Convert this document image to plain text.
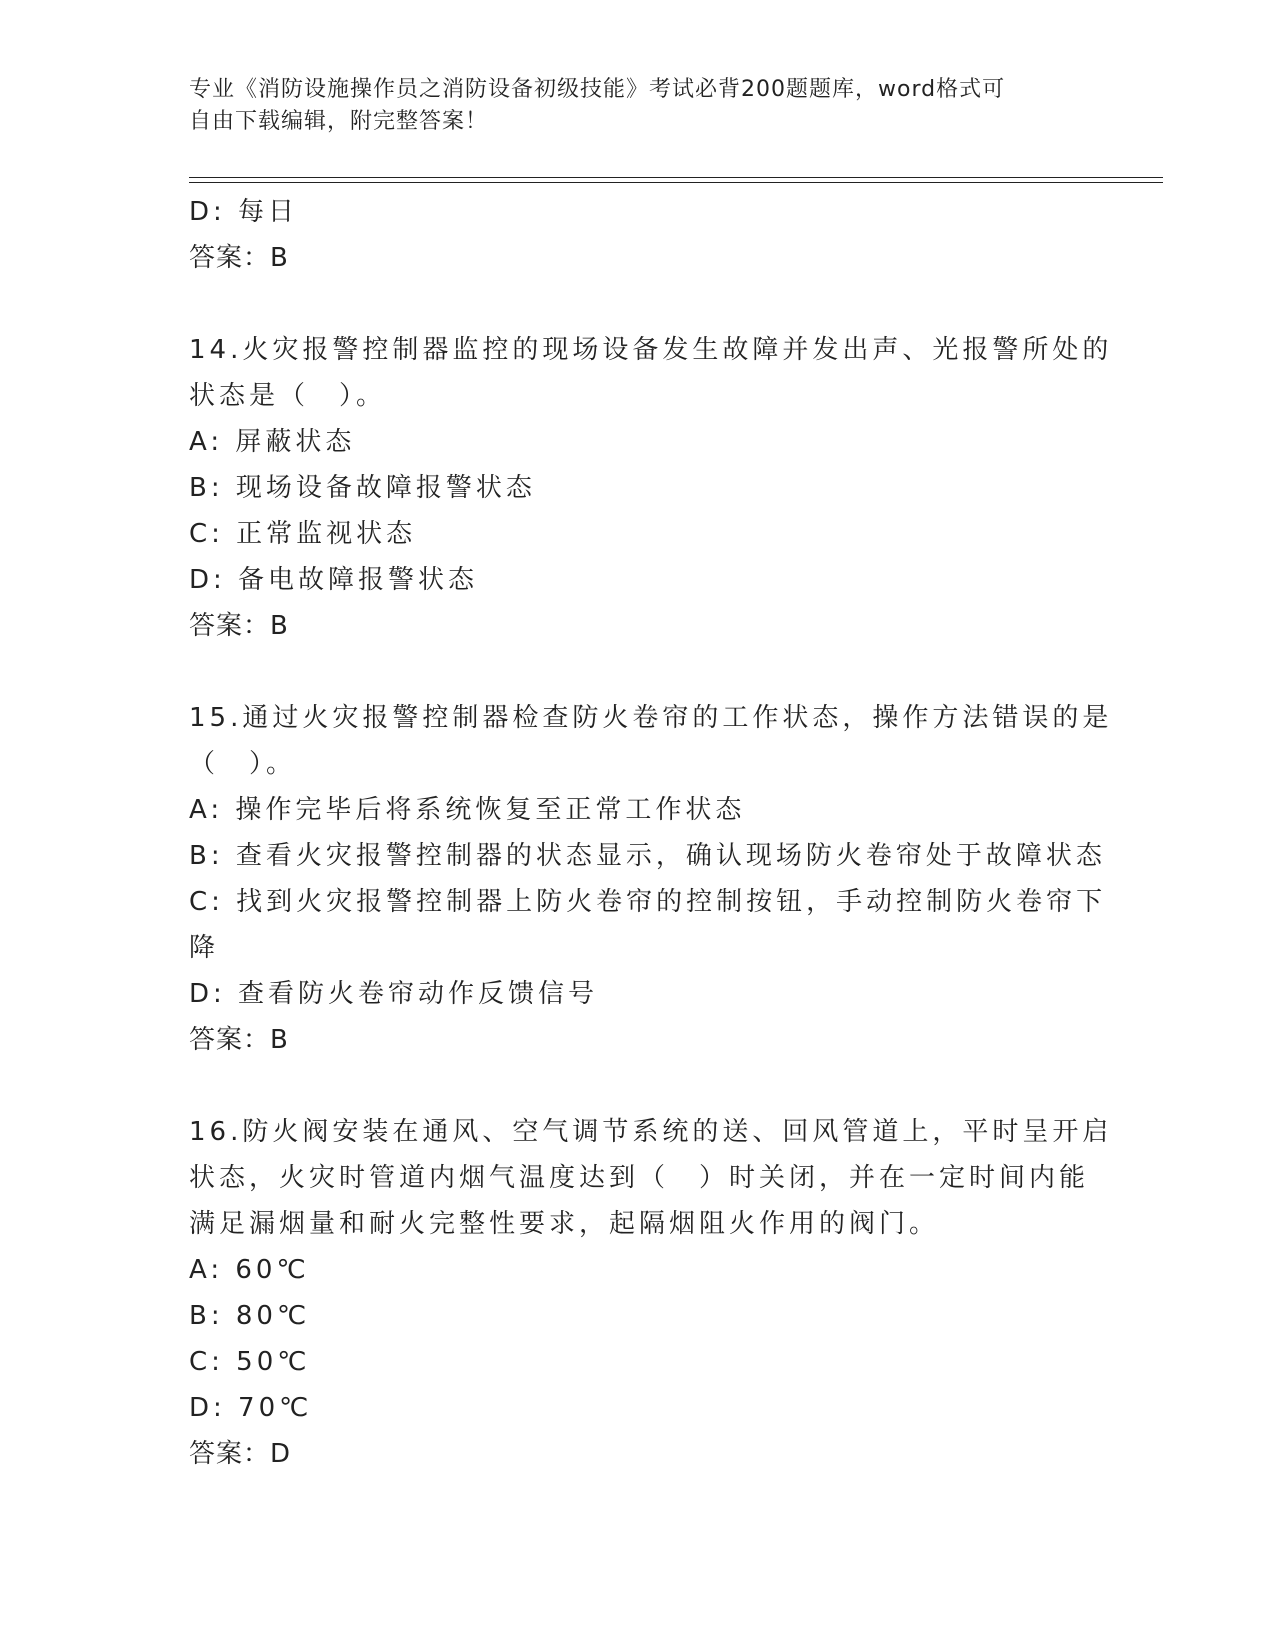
专业《消防设施操作员之消防设备初级技能》考试必背200题题库，word格式可
自由下载编辑，附完整答案！
D: 每日
答案：B
14.火灾报警控制器监控的现场设备发生故障并发出声、光报警所处的
状态是（　）。
A: 屏蔽状态
B: 现场设备故障报警状态
C: 正常监视状态
D: 备电故障报警状态
答案：B
15.通过火灾报警控制器检查防火卷帘的工作状态，操作方法错误的是
（　）。
A: 操作完毕后将系统恢复至正常工作状态
B: 查看火灾报警控制器的状态显示，确认现场防火卷帘处于故障状态
C: 找到火灾报警控制器上防火卷帘的控制按钮，手动控制防火卷帘下
降
D: 查看防火卷帘动作反馈信号
答案：B
16.防火阀安装在通风、空气调节系统的送、回风管道上，平时呈开启
状态，火灾时管道内烟气温度达到（　）时关闭，并在一定时间内能
满足漏烟量和耐火完整性要求，起隔烟阻火作用的阀门。
A: 60℃
B: 80℃
C: 50℃
D: 70℃
答案：D
